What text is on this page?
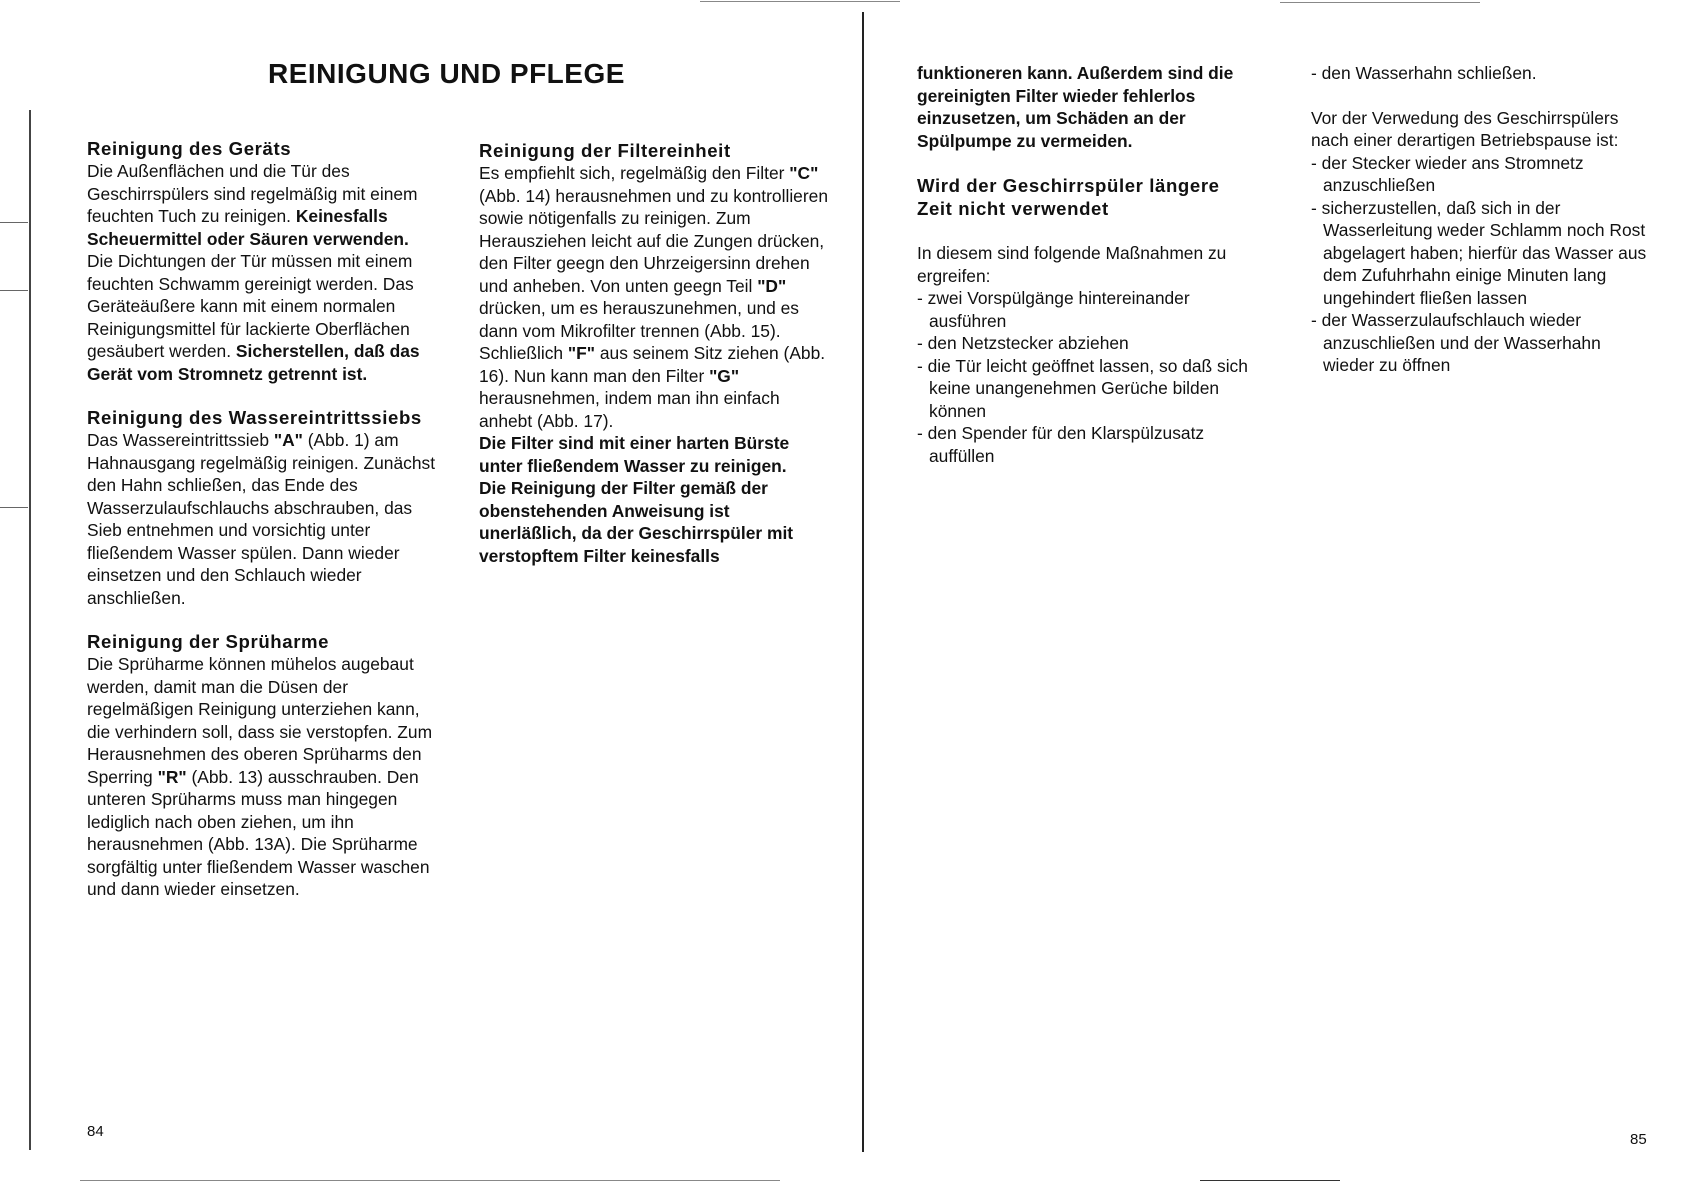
REINIGUNG UND PFLEGE
Reinigung des Geräts

Die Außenflächen und die Tür des Geschirrspülers sind regelmäßig mit einem feuchten Tuch zu reinigen. Keinesfalls Scheuermittel oder Säuren verwenden.

Die Dichtungen der Tür müssen mit einem feuchten Schwamm gereinigt werden. Das Geräteäußere kann mit einem normalen Reinigungsmittel für lackierte Oberflächen gesäubert werden. Sicherstellen, daß das Gerät vom Stromnetz getrennt ist.

Reinigung des Wassereintrittssiebs

Das Wassereintrittssieb "A" (Abb. 1) am Hahnausgang regelmäßig reinigen. Zunächst den Hahn schließen, das Ende des Wasserzulaufschlauchs abschrauben, das Sieb entnehmen und vorsichtig unter fließendem Wasser spülen. Dann wieder einsetzen und den Schlauch wieder anschließen.

Reinigung der Sprüharme

Die Sprüharme können mühelos augebaut werden, damit man die Düsen der regelmäßigen Reinigung unterziehen kann, die verhindern soll, dass sie verstopfen. Zum Herausnehmen des oberen Sprüharms den Sperring "R" (Abb. 13) ausschrauben. Den unteren Sprüharms muss man hingegen lediglich nach oben ziehen, um ihn herausnehmen (Abb. 13A). Die Sprüharme sorgfältig unter fließendem Wasser waschen und dann wieder einsetzen.

Reinigung der Filtereinheit

Es empfiehlt sich, regelmäßig den Filter "C" (Abb. 14) herausnehmen und zu kontrollieren sowie nötigenfalls zu reinigen. Zum Herausziehen leicht auf die Zungen drücken, den Filter geegn den Uhrzeigersinn drehen und anheben. Von unten geegn Teil "D" drücken, um es herauszunehmen, und es dann vom Mikrofilter trennen (Abb. 15). Schließlich "F" aus seinem Sitz ziehen (Abb. 16). Nun kann man den Filter "G" herausnehmen, indem man ihn einfach anhebt (Abb. 17).

Die Filter sind mit einer harten Bürste unter fließendem Wasser zu reinigen.

Die Reinigung der Filter gemäß der obenstehenden Anweisung ist unerläßlich, da der Geschirrspüler mit verstopftem Filter keinesfalls

funktioneren kann. Außerdem sind die gereinigten Filter wieder fehlerlos einzusetzen, um Schäden an der Spülpumpe zu vermeiden.

Wird der Geschirrspüler längere Zeit nicht verwendet

In diesem sind folgende Maßnahmen zu ergreifen:

- zwei Vorspülgänge hintereinander ausführen
- den Netzstecker abziehen
- die Tür leicht geöffnet lassen, so daß sich keine unangenehmen Gerüche bilden können
- den Spender für den Klarspülzusatz auffüllen
- den Wasserhahn schließen.

Vor der Verwedung des Geschirrspülers nach einer derartigen Betriebspause ist:

- der Stecker wieder ans Stromnetz anzuschließen
- sicherzustellen, daß sich in der Wasserleitung weder Schlamm noch Rost abgelagert haben; hierfür das Wasser aus dem Zufuhrhahn einige Minuten lang ungehindert fließen lassen
- der Wasserzulaufschlauch wieder anzuschließen und der Wasserhahn wieder zu öffnen
84	85
